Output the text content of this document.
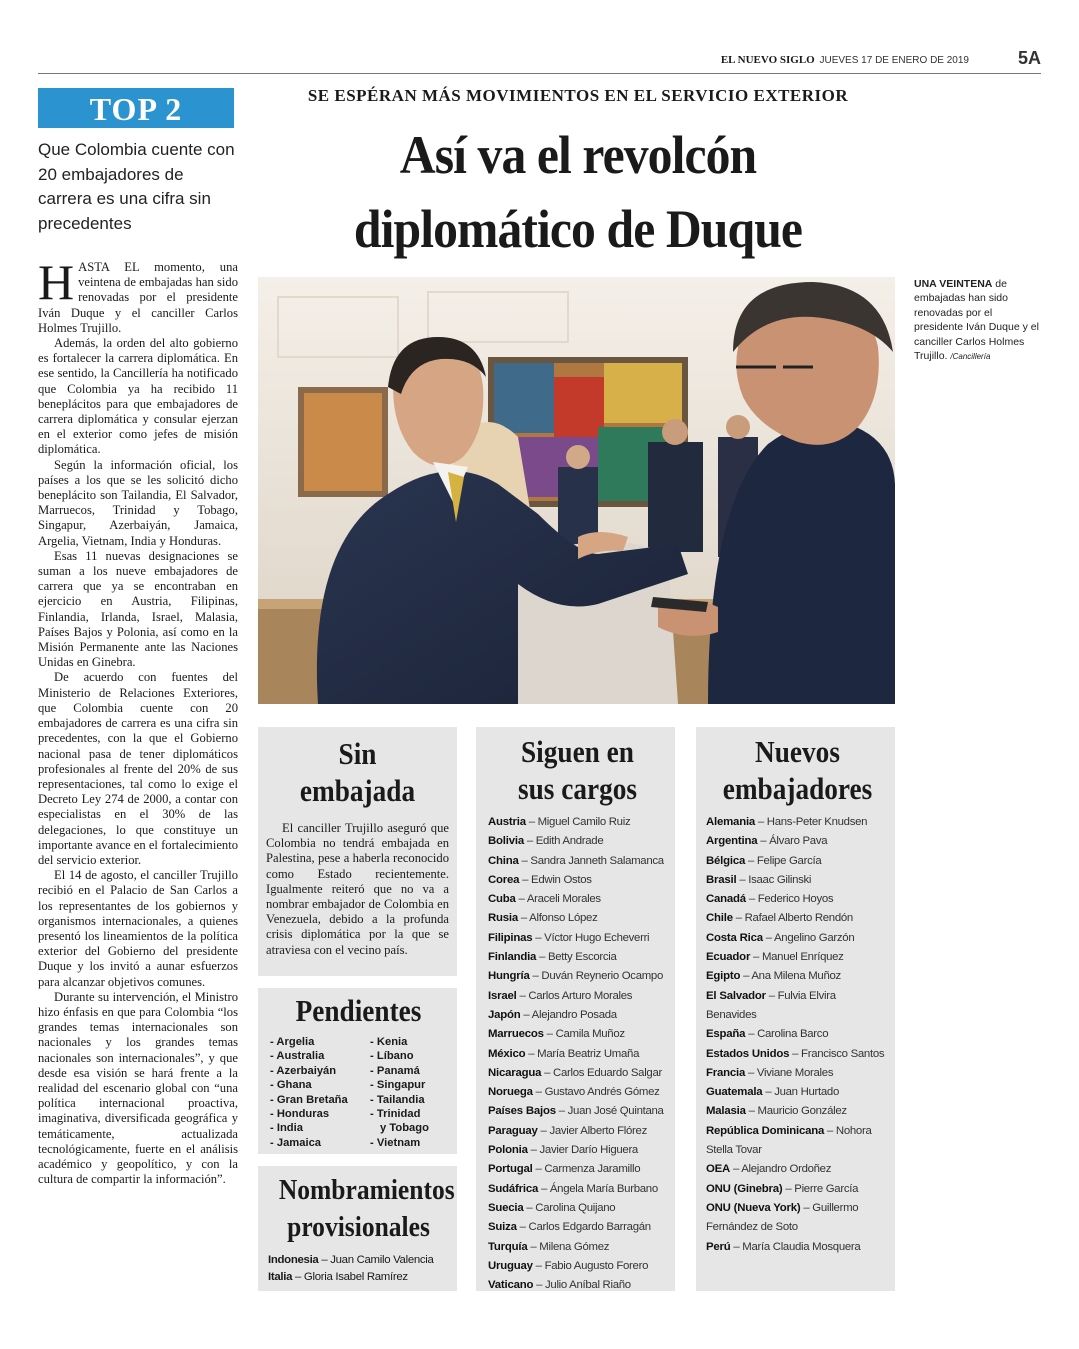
EL NUEVO SIGLO JUEVES 17 DE ENERO DE 2019	5A
SE ESPÉRAN MÁS MOVIMIENTOS EN EL SERVICIO EXTERIOR
Así va el revolcón
diplomático de Duque
TOP 2
Que Colombia cuente con 20 embajadores de carrera es una cifra sin precedentes

HASTA EL momento, una veintena de embajadas han sido renovadas por el presidente Iván Duque y el canciller Carlos Holmes Trujillo.

Además, la orden del alto gobierno es fortalecer la carrera diplomática. En ese sentido, la Cancillería ha notificado que Colombia ya ha recibido 11 beneplácitos para que embajadores de carrera diplomática y consular ejerzan en el exterior como jefes de misión diplomática.

Según la información oficial, los países a los que se les solicitó dicho beneplácito son Tailandia, El Salvador, Marruecos, Trinidad y Tobago, Singapur, Azerbaiyán, Jamaica, Argelia, Vietnam, India y Honduras.

Esas 11 nuevas designaciones se suman a los nueve embajadores de carrera que ya se encontraban en ejercicio en Austria, Filipinas, Finlandia, Irlanda, Israel, Malasia, Países Bajos y Polonia, así como en la Misión Permanente ante las Naciones Unidas en Ginebra.

De acuerdo con fuentes del Ministerio de Relaciones Exteriores, que Colombia cuente con 20 embajadores de carrera es una cifra sin precedentes, con la que el Gobierno nacional pasa de tener diplomáticos profesionales al frente del 20% de sus representaciones, tal como lo exige el Decreto Ley 274 de 2000, a contar con especialistas en el 30% de las delegaciones, lo que constituye un importante avance en el fortalecimiento del servicio exterior.

El 14 de agosto, el canciller Trujillo recibió en el Palacio de San Carlos a los representantes de los gobiernos y organismos internacionales, a quienes presentó los lineamientos de la política exterior del Gobierno del presidente Duque y los invitó a aunar esfuerzos para alcanzar objetivos comunes.

Durante su intervención, el Ministro hizo énfasis en que para Colombia “los grandes temas internacionales son nacionales y los grandes temas nacionales son internacionales”, y que desde esa visión se hará frente a la realidad del escenario global con “una política internacional proactiva, imaginativa, diversificada geográfica y temáticamente, actualizada tecnológicamente, fuerte en el análisis académico y geopolítico, y con la cultura de compartir la información”.

UNA VEINTENA de embajadas han sido renovadas por el presidente Iván Duque y el canciller Carlos Holmes Trujillo. /Cancillería
Sin
embajada

El canciller Trujillo aseguró que Colombia no tendrá embajada en Palestina, pese a haberla reconocido como Estado recientemente. Igualmente reiteró que no va a nombrar embajador de Colombia en Venezuela, debido a la profunda crisis diplomática por la que se atraviesa con el vecino país.

Pendientes
- Argelia
- Australia
- Azerbaiyán
- Ghana
- Gran Bretaña
- Honduras
- India
- Jamaica
- Kenia
- Líbano
- Panamá
- Singapur
- Tailandia
- Trinidad
y Tobago
- Vietnam
Nombramientos
provisionales
Indonesia – Juan Camilo Valencia
Italia – Gloria Isabel Ramírez
Siguen en
sus cargos
Austria – Miguel Camilo Ruiz
Bolivia – Edith Andrade
China – Sandra Janneth Salamanca
Corea – Edwin Ostos
Cuba – Araceli Morales
Rusia – Alfonso López
Filipinas – Víctor Hugo Echeverri
Finlandia – Betty Escorcia
Hungría – Duván Reynerio Ocampo
Israel – Carlos Arturo Morales
Japón – Alejandro Posada
Marruecos – Camila Muñoz
México – María Beatriz Umaña
Nicaragua – Carlos Eduardo Salgar
Noruega – Gustavo Andrés Gómez
Países Bajos – Juan José Quintana
Paraguay – Javier Alberto Flórez
Polonia – Javier Darío Higuera
Portugal – Carmenza Jaramillo
Sudáfrica – Ángela María Burbano
Suecia – Carolina Quijano
Suiza – Carlos Edgardo Barragán
Turquía – Milena Gómez
Uruguay – Fabio Augusto Forero
Vaticano – Julio Aníbal Riaño
Nuevos
embajadores
Alemania – Hans-Peter Knudsen
Argentina – Álvaro Pava
Bélgica – Felipe García
Brasil – Isaac Gilinski
Canadá – Federico Hoyos
Chile – Rafael Alberto Rendón
Costa Rica – Angelino Garzón
Ecuador – Manuel Enríquez
Egipto – Ana Milena Muñoz
El Salvador – Fulvia Elvira Benavides
España – Carolina Barco
Estados Unidos – Francisco Santos
Francia – Viviane Morales
Guatemala – Juan Hurtado
Malasia – Mauricio González
República Dominicana – Nohora Stella Tovar
OEA – Alejandro Ordoñez
ONU (Ginebra) – Pierre García
ONU (Nueva York) – Guillermo Fernández de Soto
Perú – María Claudia Mosquera
